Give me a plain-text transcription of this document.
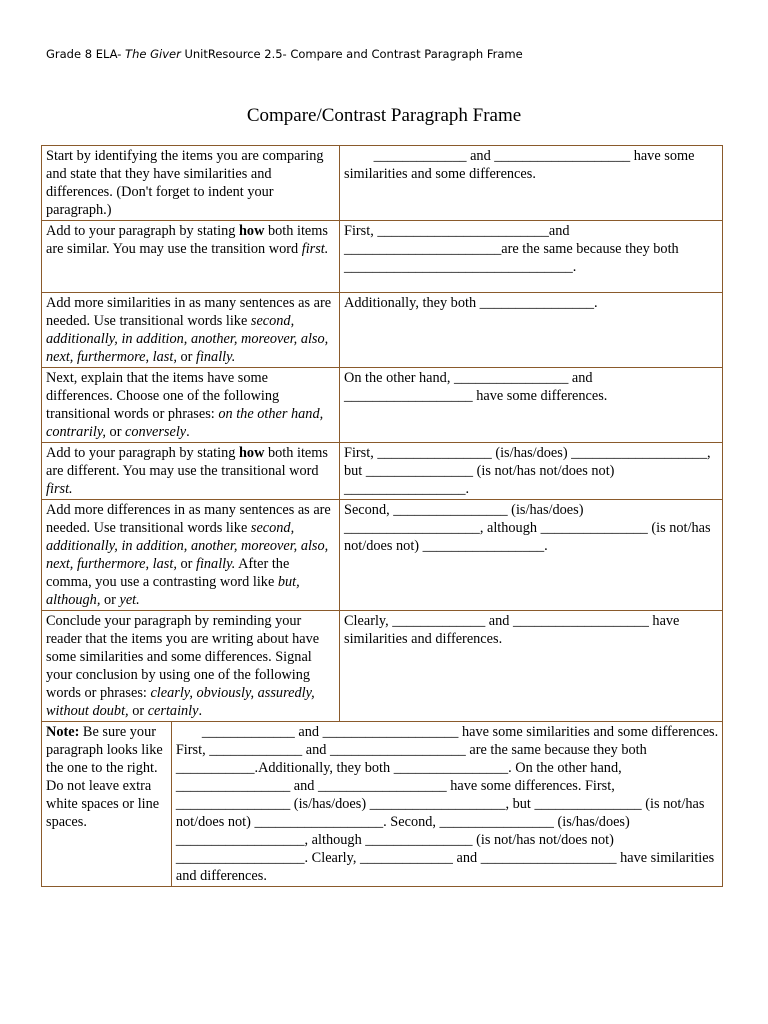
Grade 8 ELA- The Giver UnitResource 2.5- Compare and Contrast Paragraph Frame
Compare/Contrast Paragraph Frame
Start by identifying the items you are comparing and state that they have similarities and differences. (Don't forget to indent your paragraph.)		_____________ and ___________________ have some similarities and some differences.
Add to your paragraph by stating how both items are similar. You may use the transition word first.		First, ________________________and ______________________are the same because they both ________________________________.
Add more similarities in as many sentences as are needed. Use transitional words like second, additionally, in addition, another, moreover, also, next, furthermore, last, or finally.		Additionally, they both ________________.
Next, explain that the items have some differences. Choose one of the following transitional words or phrases: on the other hand, contrarily, or conversely.		On the other hand, ________________ and __________________ have some differences.
Add to your paragraph by stating how both items are different. You may use the transitional word first.		First, ________________ (is/has/does) ___________________, but _______________ (is not/has not/does not) _________________.
Add more differences in as many sentences as are needed. Use transitional words like second, additionally, in addition, another, moreover, also, next, furthermore, last, or finally. After the comma, you use a contrasting word like but, although, or yet.		Second, ________________ (is/has/does) ___________________, although _______________ (is not/has not/does not) _________________.
Conclude your paragraph by reminding your reader that the items you are writing about have some similarities and some differences. Signal your conclusion by using one of the following words or phrases: clearly, obviously, assuredly, without doubt, or certainly.		Clearly, _____________ and ___________________ have similarities and differences.
Note: Be sure your paragraph looks like the one to the right. Do not leave extra white spaces or line spaces.	_____________ and ___________________ have some similarities and some differences. First, _____________ and ___________________ are the same because they both ___________.Additionally, they both ________________. On the other hand, ________________ and __________________ have some differences. First, ________________ (is/has/does) ___________________, but _______________ (is not/has not/does not) __________________. Second, ________________ (is/has/does) __________________, although _______________ (is not/has not/does not) __________________. Clearly, _____________ and ___________________ have similarities and differences.	
